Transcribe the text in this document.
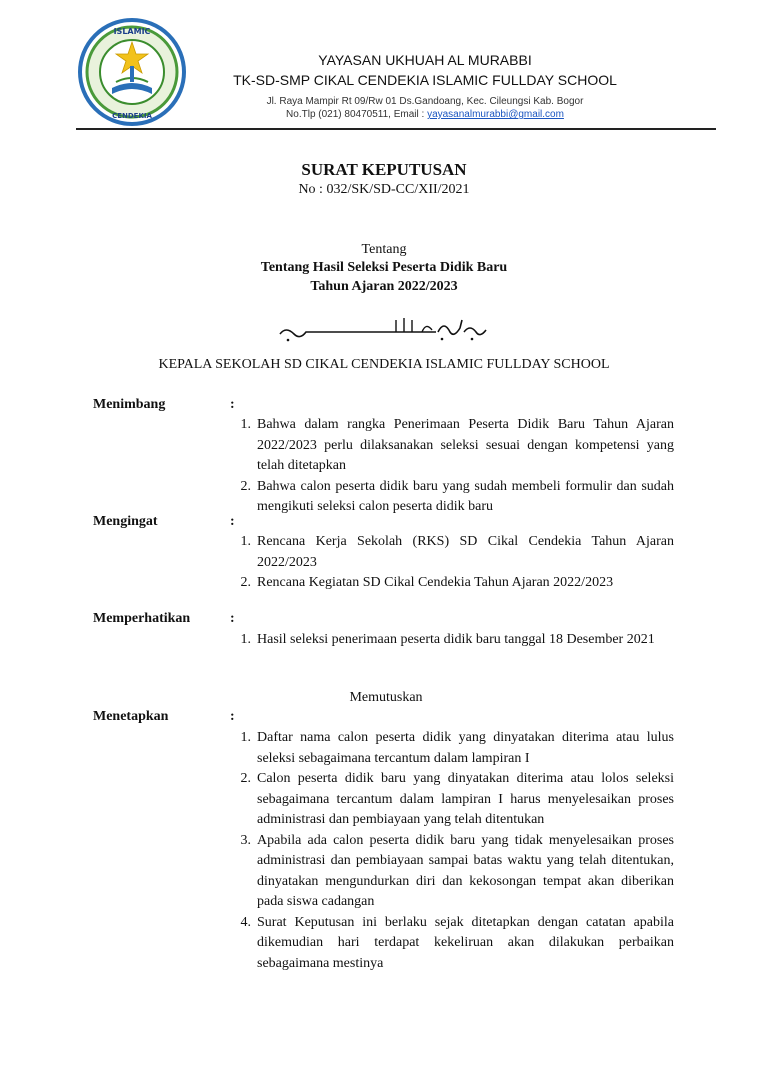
ISLAMIC
CENDEKIA
YAYASAN UKHUAH AL MURABBI
TK-SD-SMP CIKAL CENDEKIA ISLAMIC FULLDAY SCHOOL
Jl. Raya Mampir Rt 09/Rw 01 Ds.Gandoang, Kec. Cileungsi Kab. Bogor
No.Tlp (021) 80470511, Email : yayasanalmurabbi@gmail.com
SURAT KEPUTUSAN
No : 032/SK/SD-CC/XII/2021
Tentang
Tentang Hasil Seleksi Peserta Didik Baru
Tahun Ajaran 2022/2023
KEPALA SEKOLAH SD CIKAL CENDEKIA ISLAMIC FULLDAY SCHOOL
Menimbang	:
1. Bahwa dalam rangka Penerimaan Peserta Didik Baru Tahun Ajaran 2022/2023 perlu dilaksanakan seleksi sesuai dengan kompetensi yang telah ditetapkan
2. Bahwa calon peserta didik baru yang sudah membeli formulir dan sudah mengikuti seleksi calon peserta didik baru
Mengingat	:
1. Rencana Kerja Sekolah (RKS) SD Cikal Cendekia Tahun Ajaran 2022/2023
2. Rencana Kegiatan SD Cikal Cendekia Tahun Ajaran 2022/2023
Memperhatikan	:
1. Hasil seleksi penerimaan peserta didik baru tanggal 18 Desember 2021
Memutuskan
Menetapkan	:
1. Daftar nama calon peserta didik yang dinyatakan diterima atau lulus seleksi sebagaimana tercantum dalam lampiran I
2. Calon peserta didik baru yang dinyatakan diterima atau lolos seleksi sebagaimana tercantum dalam lampiran I harus menyelesaikan proses administrasi dan pembiayaan yang telah ditentukan
3. Apabila ada calon peserta didik baru yang tidak menyelesaikan proses administrasi dan pembiayaan sampai batas waktu yang telah ditentukan, dinyatakan mengundurkan diri dan kekosongan tempat akan diberikan pada siswa cadangan
4. Surat Keputusan ini berlaku sejak ditetapkan dengan catatan apabila dikemudian hari terdapat kekeliruan akan dilakukan perbaikan sebagaimana mestinya
